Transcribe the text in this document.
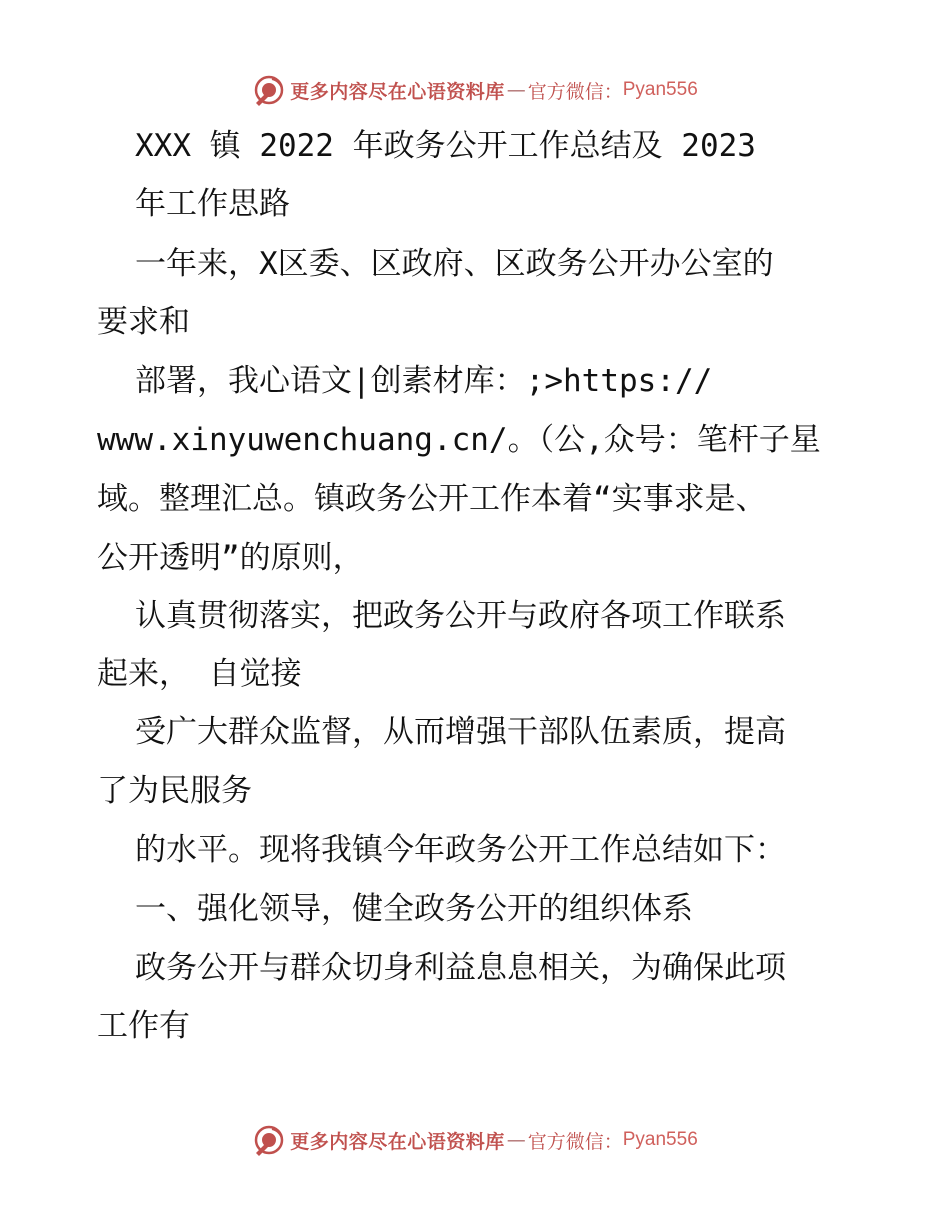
更多内容尽在心语资料库 — 官方微信： Pyan556
XXX 镇 2022 年政务公开工作总结及 2023
年工作思路
一年来，X区委、区政府、区政务公开办公室的
要求和
部署，我心语文|创素材库：;>https://
www.xinyuwenchuang.cn/。（公,众号：笔杆子星
域。整理汇总。镇政务公开工作本着“实事求是、
公开透明”的原则，
认真贯彻落实，把政务公开与政府各项工作联系
起来， 自觉接
受广大群众监督，从而增强干部队伍素质，提高
了为民服务
的水平。现将我镇今年政务公开工作总结如下：
一、强化领导，健全政务公开的组织体系
政务公开与群众切身利益息息相关，为确保此项
工作有
更多内容尽在心语资料库 — 官方微信： Pyan556
